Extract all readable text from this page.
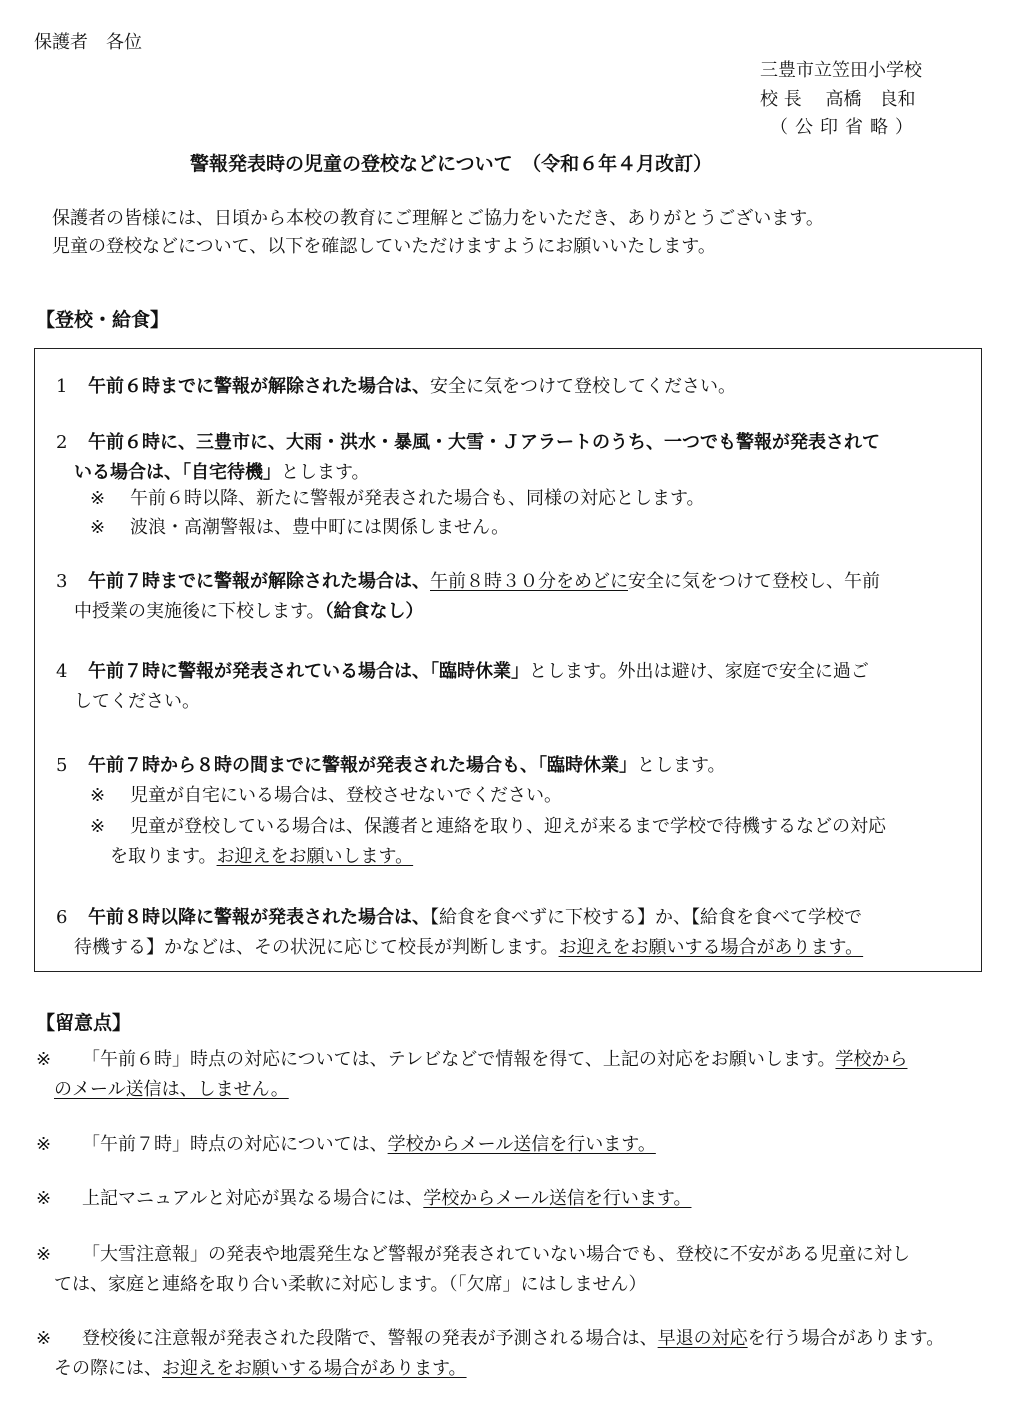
保護者　各位
三豊市立笠田小学校
校 長　 高橋　良和
（公印省略）
警報発表時の児童の登校などについて　（令和６年４月改訂）
保護者の皆様には、日頃から本校の教育にご理解とご協力をいただき、ありがとうございます。
児童の登校などについて、以下を確認していただけますようにお願いいたします。
【登校・給食】
1 午前６時までに警報が解除された場合は、安全に気をつけて登校してください。
2 午前６時に、三豊市に、大雨・洪水・暴風・大雪・Ｊアラートのうち、一つでも警報が発表されて
いる場合は、「自宅待機」とします。
※ 午前６時以降、新たに警報が発表された場合も、同様の対応とします。
※ 波浪・高潮警報は、豊中町には関係しません。
3 午前７時までに警報が解除された場合は、午前８時３０分をめどに安全に気をつけて登校し、午前
中授業の実施後に下校します。（給食なし）
4 午前７時に警報が発表されている場合は、「臨時休業」とします。外出は避け、家庭で安全に過ご
してください。
5 午前７時から８時の間までに警報が発表された場合も、「臨時休業」とします。
※ 児童が自宅にいる場合は、登校させないでください。
※ 児童が登校している場合は、保護者と連絡を取り、迎えが来るまで学校で待機するなどの対応
を取ります。お迎えをお願いします。
6 午前８時以降に警報が発表された場合は、【給食を食べずに下校する】か、【給食を食べて学校で
待機する】かなどは、その状況に応じて校長が判断します。お迎えをお願いする場合があります。
【留意点】
※ 「午前６時」時点の対応については、テレビなどで情報を得て、上記の対応をお願いします。学校から
のメール送信は、しません。
※ 「午前７時」時点の対応については、学校からメール送信を行います。
※ 上記マニュアルと対応が異なる場合には、学校からメール送信を行います。
※ 「大雪注意報」の発表や地震発生など警報が発表されていない場合でも、登校に不安がある児童に対し
ては、家庭と連絡を取り合い柔軟に対応します。（「欠席」にはしません）
※ 登校後に注意報が発表された段階で、警報の発表が予測される場合は、早退の対応を行う場合があります。
その際には、お迎えをお願いする場合があります。
